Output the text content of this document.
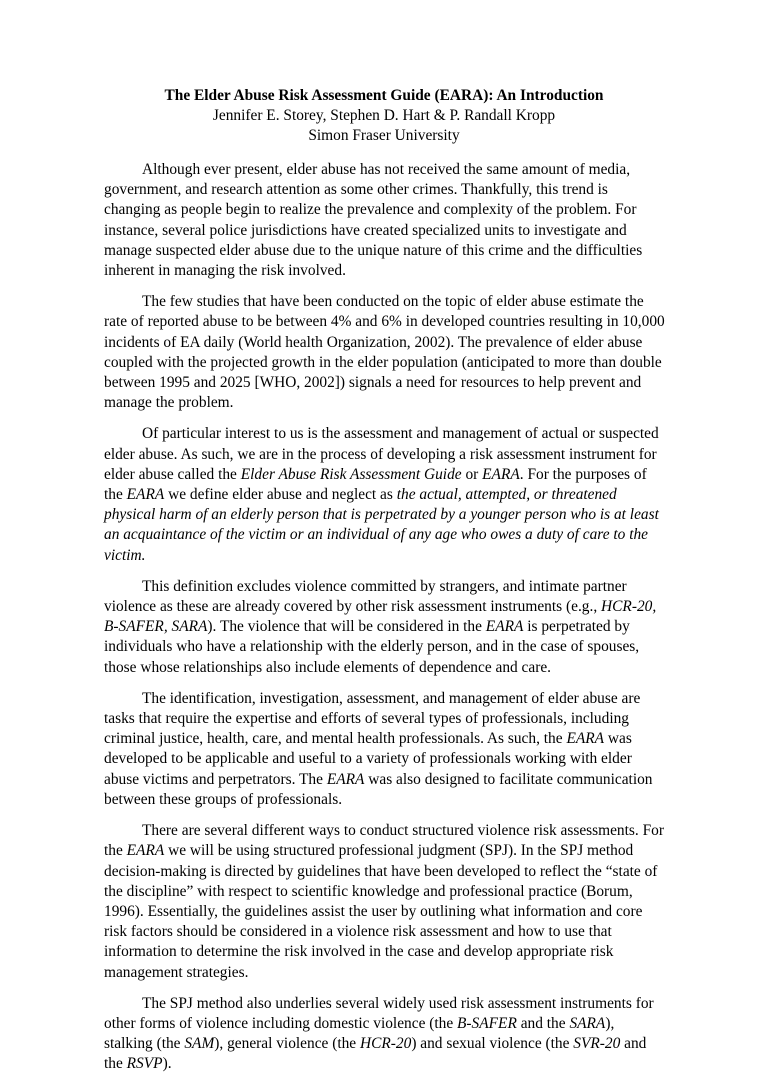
The Elder Abuse Risk Assessment Guide (EARA): An Introduction
Jennifer E. Storey, Stephen D. Hart & P. Randall Kropp
Simon Fraser University

Although ever present, elder abuse has not received the same amount of media, government, and research attention as some other crimes. Thankfully, this trend is changing as people begin to realize the prevalence and complexity of the problem. For instance, several police jurisdictions have created specialized units to investigate and manage suspected elder abuse due to the unique nature of this crime and the difficulties inherent in managing the risk involved.

The few studies that have been conducted on the topic of elder abuse estimate the rate of reported abuse to be between 4% and 6% in developed countries resulting in 10,000 incidents of EA daily (World health Organization, 2002). The prevalence of elder abuse coupled with the projected growth in the elder population (anticipated to more than double between 1995 and 2025 [WHO, 2002]) signals a need for resources to help prevent and manage the problem.

Of particular interest to us is the assessment and management of actual or suspected elder abuse. As such, we are in the process of developing a risk assessment instrument for elder abuse called the Elder Abuse Risk Assessment Guide or EARA. For the purposes of the EARA we define elder abuse and neglect as the actual, attempted, or threatened physical harm of an elderly person that is perpetrated by a younger person who is at least an acquaintance of the victim or an individual of any age who owes a duty of care to the victim.

This definition excludes violence committed by strangers, and intimate partner violence as these are already covered by other risk assessment instruments (e.g., HCR-20, B-SAFER, SARA). The violence that will be considered in the EARA is perpetrated by individuals who have a relationship with the elderly person, and in the case of spouses, those whose relationships also include elements of dependence and care.

The identification, investigation, assessment, and management of elder abuse are tasks that require the expertise and efforts of several types of professionals, including criminal justice, health, care, and mental health professionals. As such, the EARA was developed to be applicable and useful to a variety of professionals working with elder abuse victims and perpetrators. The EARA was also designed to facilitate communication between these groups of professionals.

There are several different ways to conduct structured violence risk assessments. For the EARA we will be using structured professional judgment (SPJ). In the SPJ method decision-making is directed by guidelines that have been developed to reflect the “state of the discipline” with respect to scientific knowledge and professional practice (Borum, 1996). Essentially, the guidelines assist the user by outlining what information and core risk factors should be considered in a violence risk assessment and how to use that information to determine the risk involved in the case and develop appropriate risk management strategies.

The SPJ method also underlies several widely used risk assessment instruments for other forms of violence including domestic violence (the B-SAFER and the SARA), stalking (the SAM), general violence (the HCR-20) and sexual violence (the SVR-20 and the RSVP).
